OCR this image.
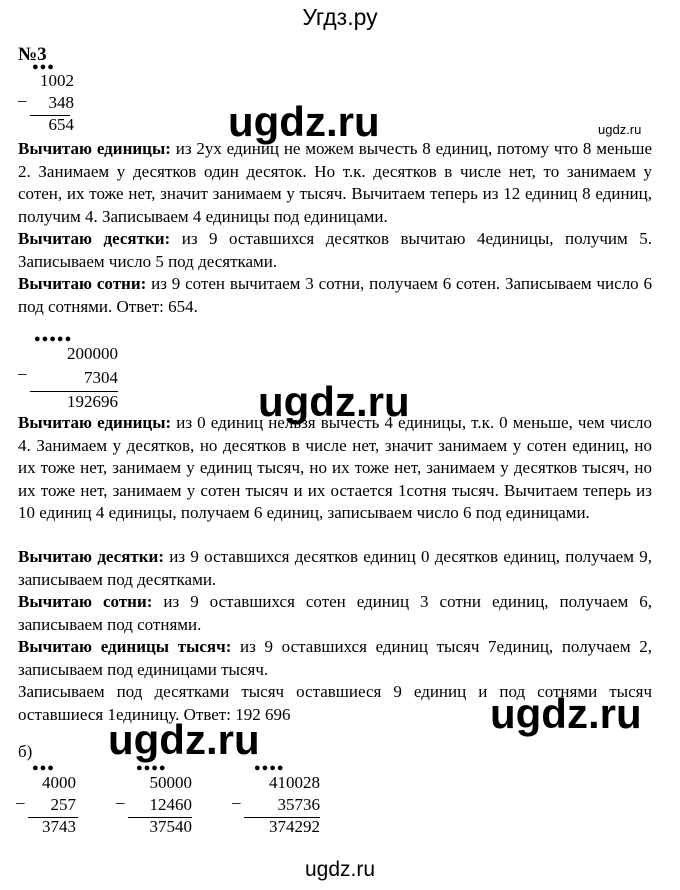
Угдз.ру
№3
●●●
_
1002
348
654	ugdz.ru	ugdz.ru
Вычитаю единицы: из 2ух единиц не можем вычесть 8 единиц, потому что 8 меньше 2. Занимаем у десятков один десяток. Но т.к. десятков в числе нет, то занимаем у сотен, их тоже нет, значит занимаем у тысяч. Вычитаем теперь из 12 единиц 8 единиц, получим 4. Записываем 4 единицы под единицами.
Вычитаю десятки: из 9 оставшихся десятков вычитаю 4единицы, получим 5. Записываем число 5 под десятками.
Вычитаю сотни: из 9 сотен вычитаем 3 сотни, получаем 6 сотен. Записываем число 6 под сотнями. Ответ: 654.
●●●●●
_
200000
7304
192696	ugdz.ru
Вычитаю единицы: из 0 единиц нельзя вычесть 4 единицы, т.к. 0 меньше, чем число 4. Занимаем у десятков, но десятков в числе нет, значит занимаем у сотен единиц, но их тоже нет, занимаем у единиц тысяч, но их тоже нет, занимаем у десятков тысяч, но их тоже нет, занимаем у сотен тысяч и их остается 1сотня тысяч. Вычитаем теперь из 10 единиц 4 единицы, получаем 6 единиц, записываем число 6 под единицами.
Вычитаю десятки: из 9 оставшихся десятков единиц 0 десятков единиц, получаем 9, записываем под десятками.
Вычитаю сотни: из 9 оставшихся сотен единиц 3 сотни единиц, получаем 6, записываем под сотнями.
Вычитаю единицы тысяч: из 9 оставшихся единиц тысяч 7единиц, получаем 2, записываем под единицами тысяч.
Записываем под десятками тысяч оставшиеся 9 единиц и под сотнями тысяч оставшиеся 1единицу. Ответ: 192 696	ugdz.ru
ugdz.ru
б)
●●●
_
4000
257
3743
●●●●
_
50000
12460
37540
●●●●
_
410028
35736
374292
ugdz.ru
